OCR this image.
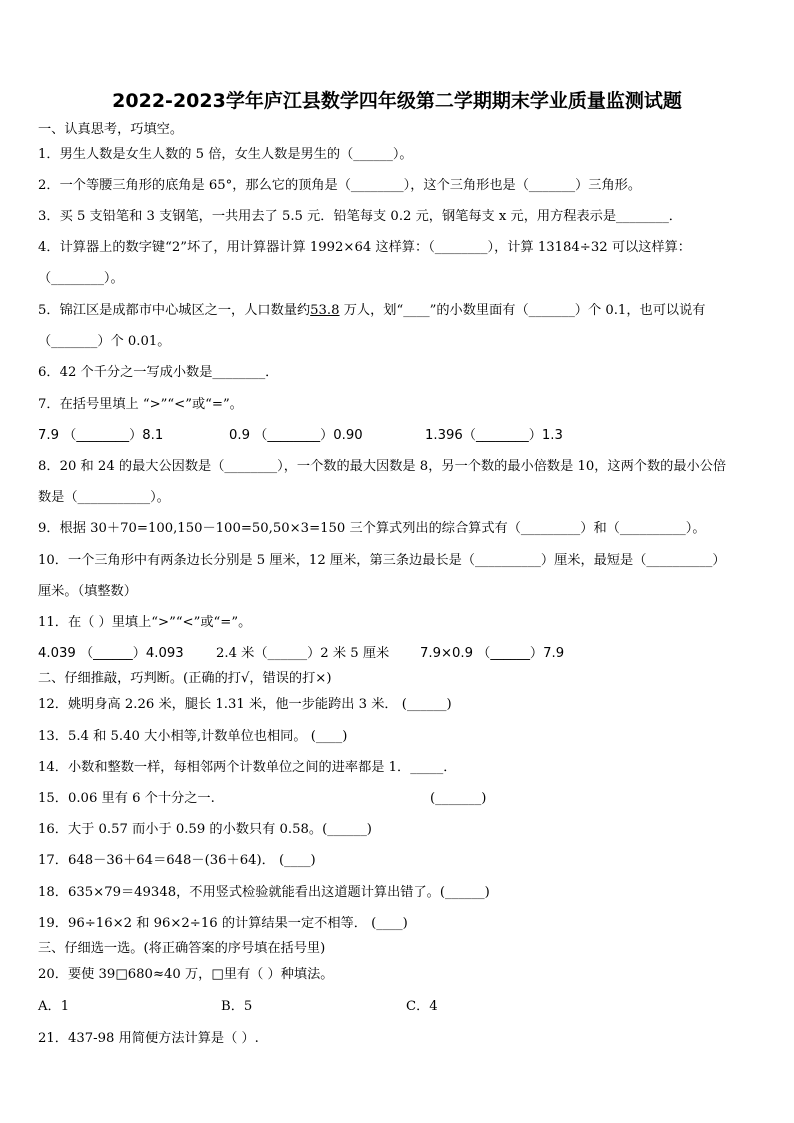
2022-2023学年庐江县数学四年级第二学期期末学业质量监测试题
一、认真思考，巧填空。
1．男生人数是女生人数的 5 倍，女生人数是男生的（______）。
2．一个等腰三角形的底角是 65°，那么它的顶角是（________），这个三角形也是（_______）三角形。
3．买 5 支铅笔和 3 支钢笔，一共用去了 5.5 元．铅笔每支 0.2 元，钢笔每支 x 元，用方程表示是________．
4．计算器上的数字键“2”坏了，用计算器计算 1992×64 这样算：（________），计算 13184÷32 可以这样算：
（________）。
5．锦江区是成都市中心城区之一，人口数量约53.8 万人，划“____”的小数里面有（_______）个 0.1，也可以说有
（_______）个 0.01。
6．42 个千分之一写成小数是________．
7．在括号里填上 “>”“<”或“=”。
7.9 （________）8.1	0.9 （________）0.90	1.396（________）1.3
8．20 和 24 的最大公因数是（________），一个数的最大因数是 8，另一个数的最小倍数是 10，这两个数的最小公倍
数是（___________）。
9．根据 30＋70=100,150－100=50,50×3=150 三个算式列出的综合算式有（_________）和（__________）。
10．一个三角形中有两条边长分别是 5 厘米，12 厘米，第三条边最长是（__________）厘米，最短是（__________）
厘米。（填整数）
11．在（ ）里填上“>”“<”或“=”。
4.039 （______）4.093 2.4 米（______）2 米 5 厘米 7.9×0.9 （______）7.9
二、仔细推敲，巧判断。(正确的打√，错误的打×)
12．姚明身高 2.26 米，腿长 1.31 米，他一步能跨出 3 米． (______)
13．5.4 和 5.40 大小相等,计数单位也相同。 (____)
14．小数和整数一样，每相邻两个计数单位之间的进率都是 1．_____．
15．0.06 里有 6 个十分之一.	(_______)
16．大于 0.57 而小于 0.59 的小数只有 0.58。(______)
17．648－36＋64＝648－(36＋64)． (____)
18．635×79＝49348，不用竖式检验就能看出这道题计算出错了。(______)
19．96÷16×2 和 96×2÷16 的计算结果一定不相等． (____)
三、仔细选一选。(将正确答案的序号填在括号里)
20．要使 39□680≈40 万，□里有（ ）种填法。
A．1	B．5	C．4
21．437-98 用简便方法计算是（ ）.
